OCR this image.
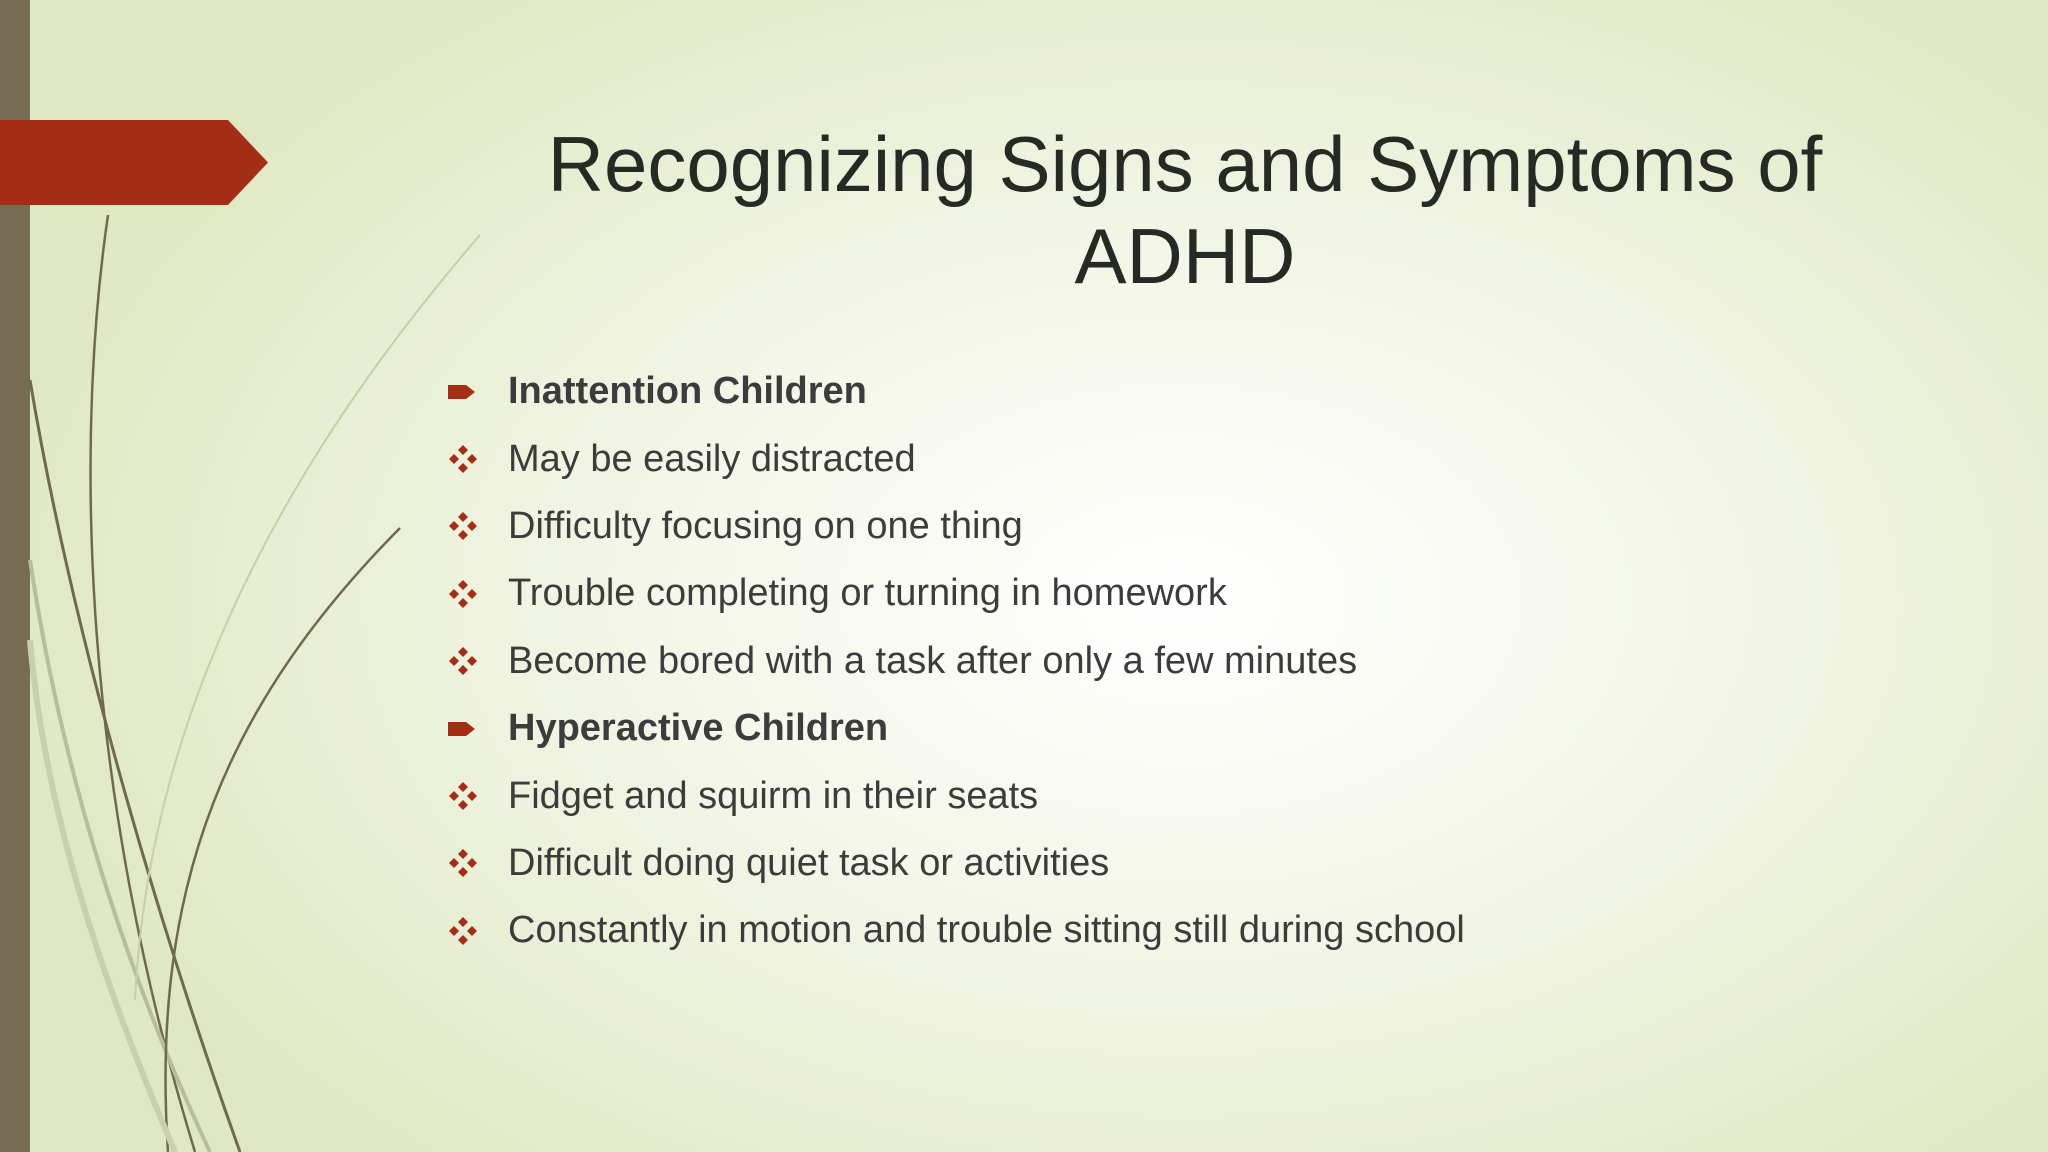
Recognizing Signs and Symptoms of
ADHD
Inattention Children
May be easily distracted
Difficulty focusing on one thing
Trouble completing or turning in homework
Become bored with a task after only a few minutes
Hyperactive Children
Fidget and squirm in their seats
Difficult doing quiet task or activities
Constantly in motion and trouble sitting still during school
